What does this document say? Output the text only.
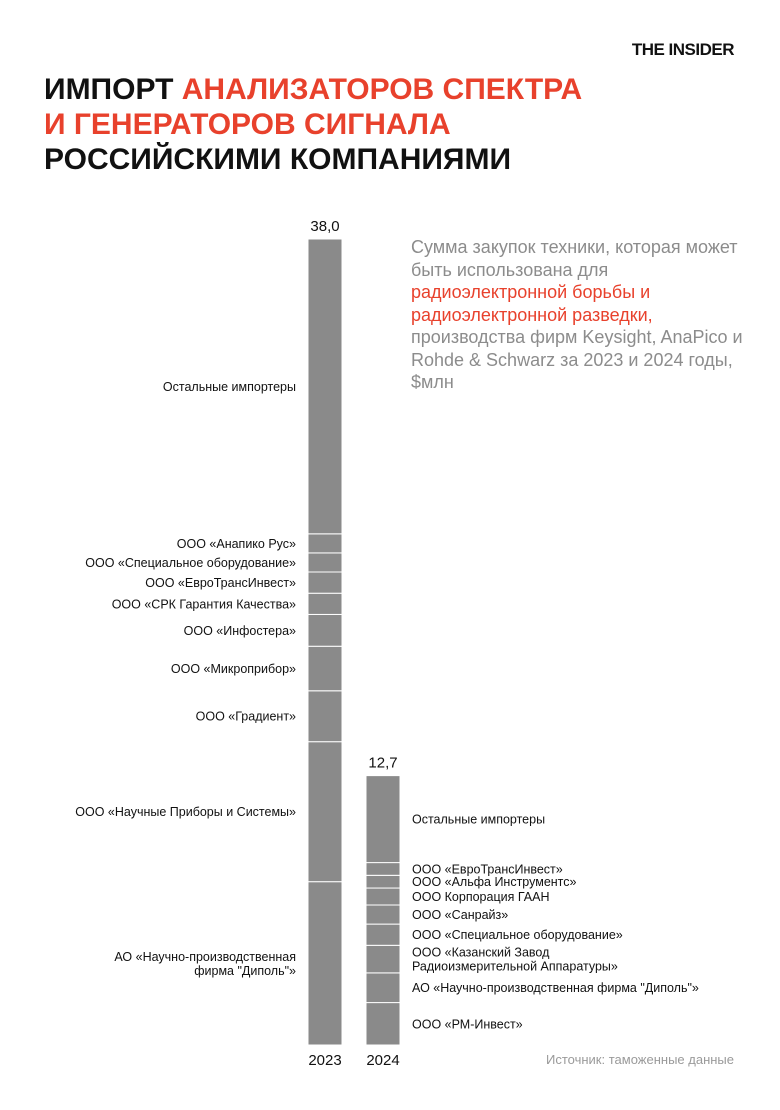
THE INSIDER
ИМПОРТ АНАЛИЗАТОРОВ СПЕКТРА
И ГЕНЕРАТОРОВ СИГНАЛА
РОССИЙСКИМИ КОМПАНИЯМИ
Сумма закупок техники, которая может быть использована для радиоэлектронной борьбы и радиоэлектронной разведки, производства фирм Keysight, AnaPico и Rohde & Schwarz за 2023 и 2024 годы, $млн
АО «Научно-производственная фирма "Диполь"»
ООО «Научные Приборы и Системы»
ООО «Градиент»
ООО «Микроприбор»
ООО «Инфостера»
ООО «СРК Гарантия Качества»
ООО «ЕвроТрансИнвест»
ООО «Специальное оборудование»
ООО «Анапико Рус»
Остальные импортеры
38,0
2023
ООО «РМ-Инвест»
АО «Научно-производственная фирма "Диполь"»
ООО «Казанский Завод Радиоизмерительной Аппаратуры»
ООО «Специальное оборудование»
ООО «Санрайз»
ООО Корпорация ГААН
ООО «Альфа Инструментс»
ООО «ЕвроТрансИнвест»
Остальные импортеры
12,7
2024	Источник: таможенные данные
